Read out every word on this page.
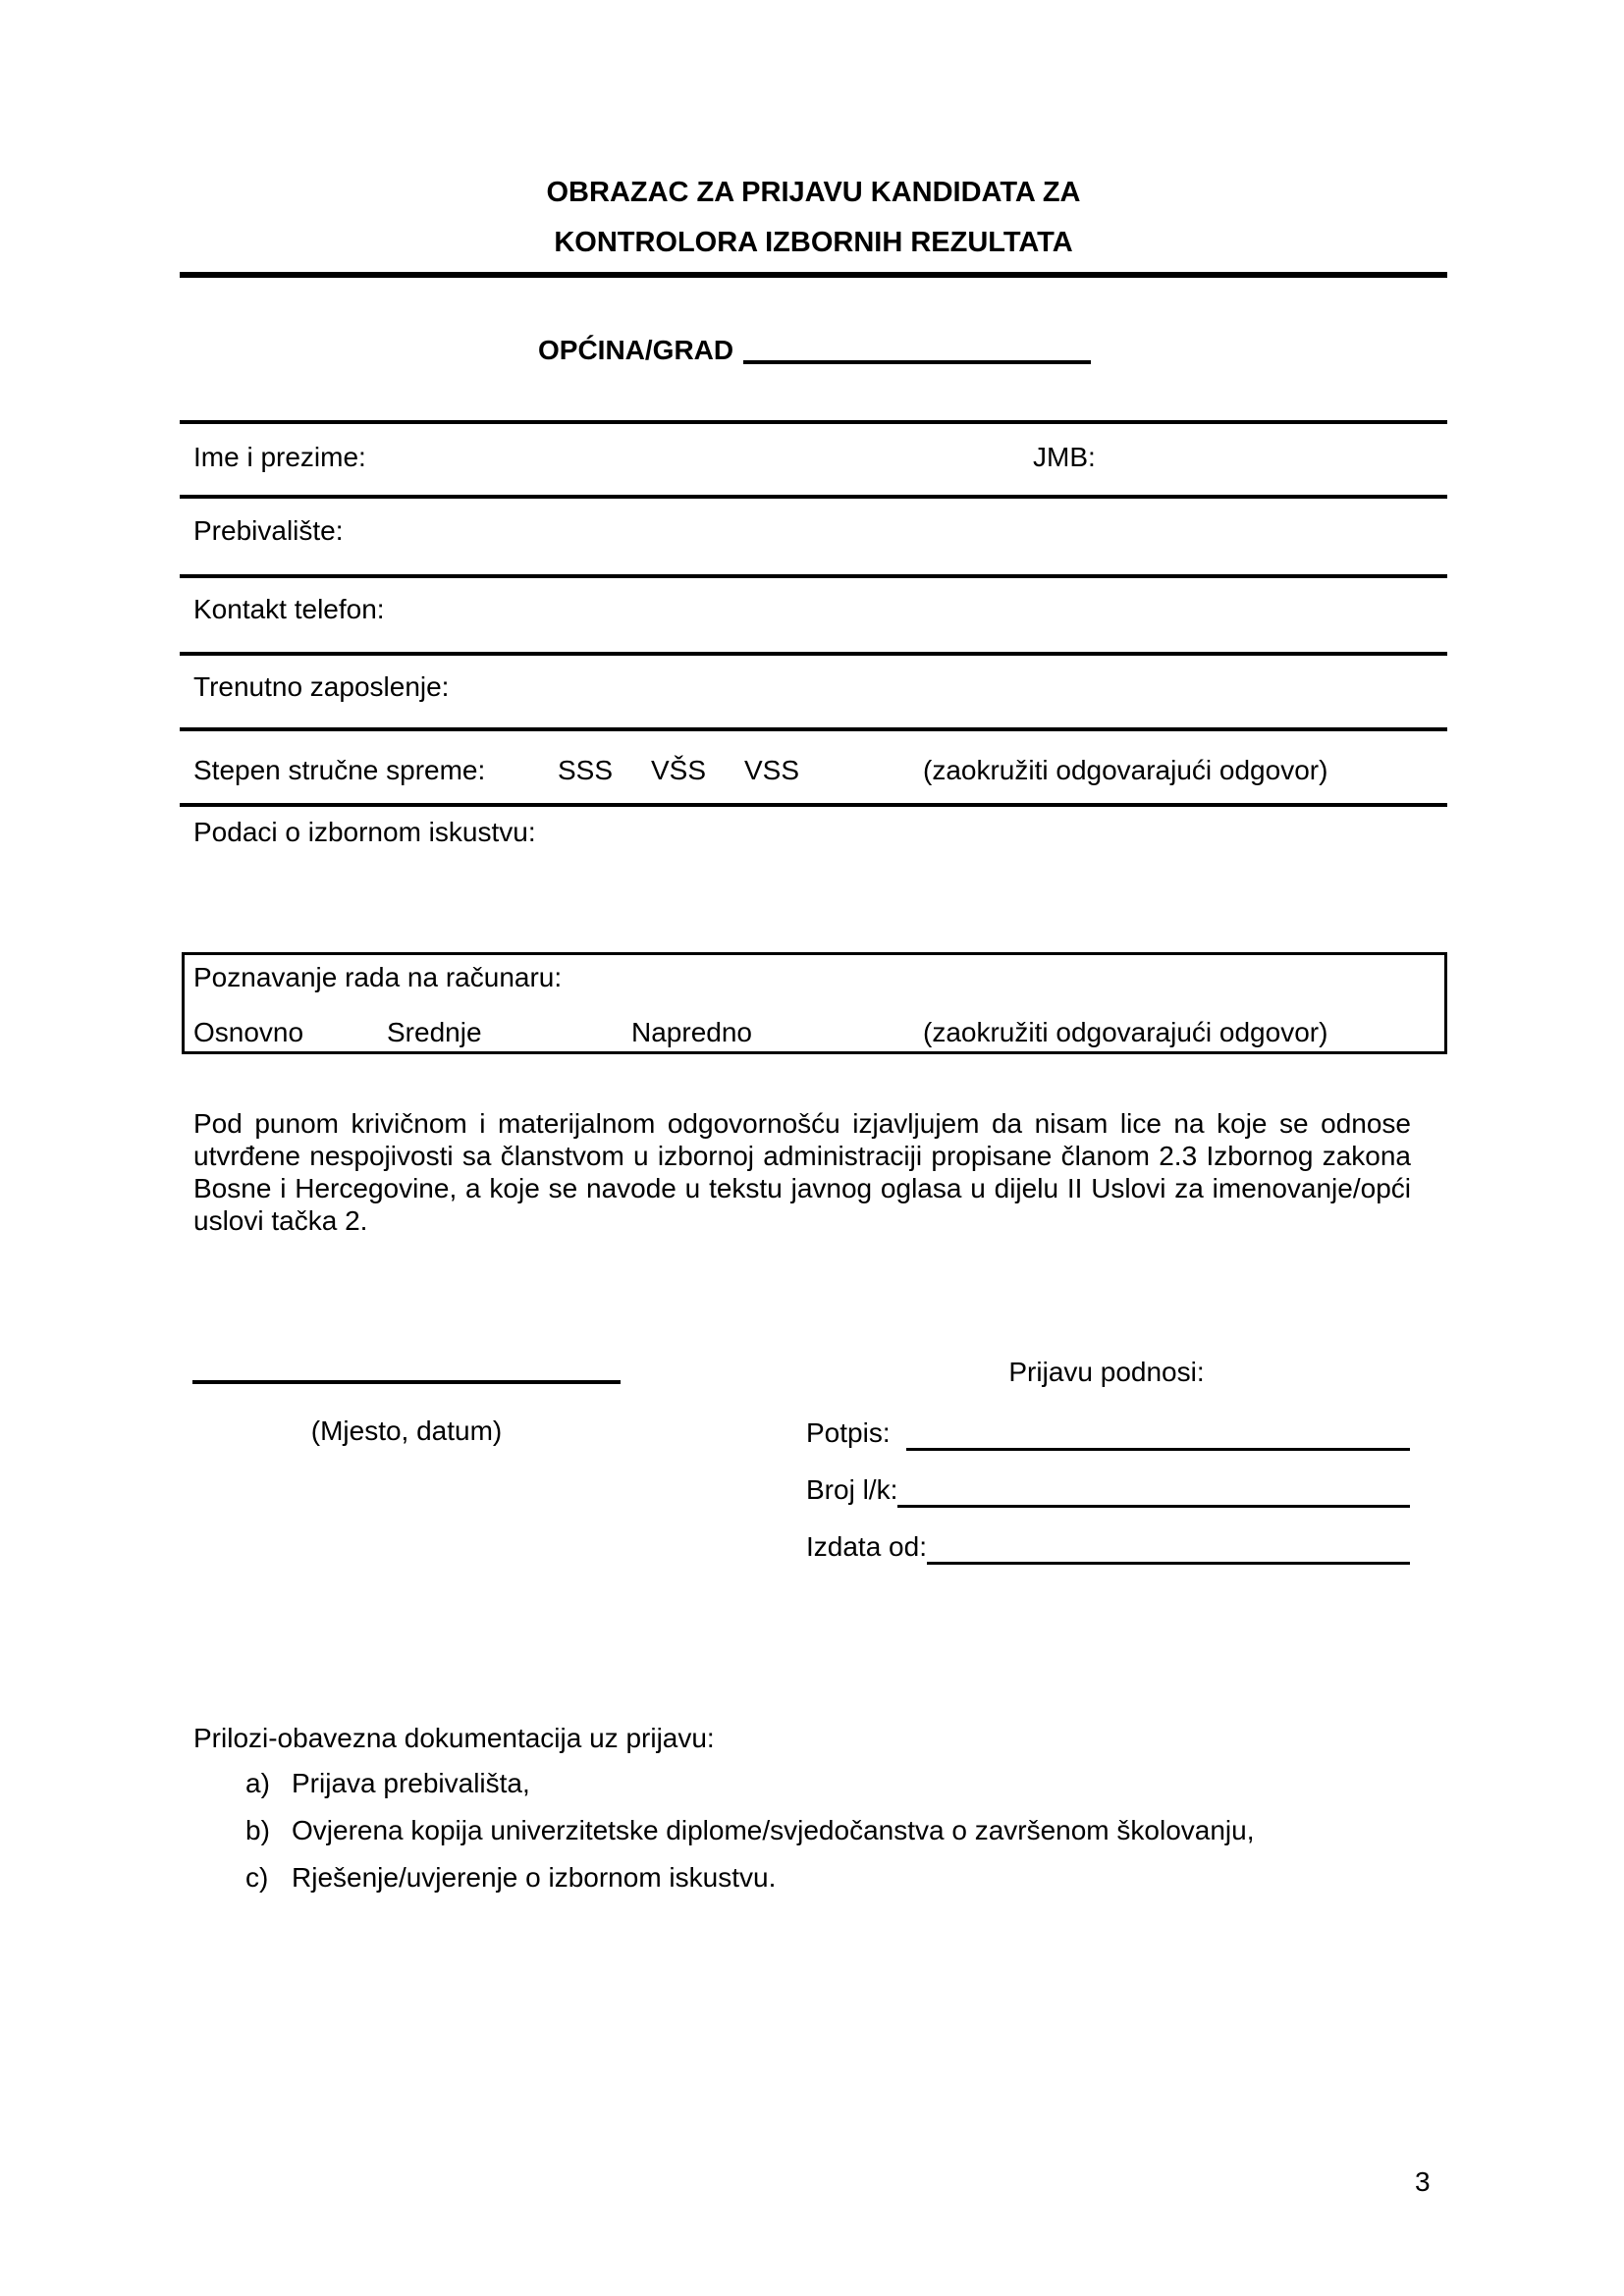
OBRAZAC ZA PRIJAVU KANDIDATA ZA
KONTROLORA IZBORNIH REZULTATA
OPĆINA/GRAD
Ime i prezime:	JMB:
Prebivalište:
Kontakt telefon:
Trenutno zaposlenje:
Stepen stručne spreme:	SSS VŠS VSS	(zaokružiti odgovarajući odgovor)
Podaci o izbornom iskustvu:
Poznavanje rada na računaru:
Osnovno	Srednje	Napredno	(zaokružiti odgovarajući odgovor)
Pod punom krivičnom i materijalnom odgovornošću izjavljujem da nisam lice na koje se odnose
utvrđene nespojivosti sa članstvom u izbornoj administraciji propisane članom 2.3 Izbornog zakona
Bosne i Hercegovine, a koje se navode u tekstu javnog oglasa u dijelu II Uslovi za imenovanje/opći
uslovi tačka 2.
(Mjesto, datum)
Prijavu podnosi:
Potpis:
Broj l/k:
Izdata od:
Prilozi-obavezna dokumentacija uz prijavu:
a) Prijava prebivališta,
b) Ovjerena kopija univerzitetske diplome/svjedočanstva o završenom školovanju,
c) Rješenje/uvjerenje o izbornom iskustvu.
3
